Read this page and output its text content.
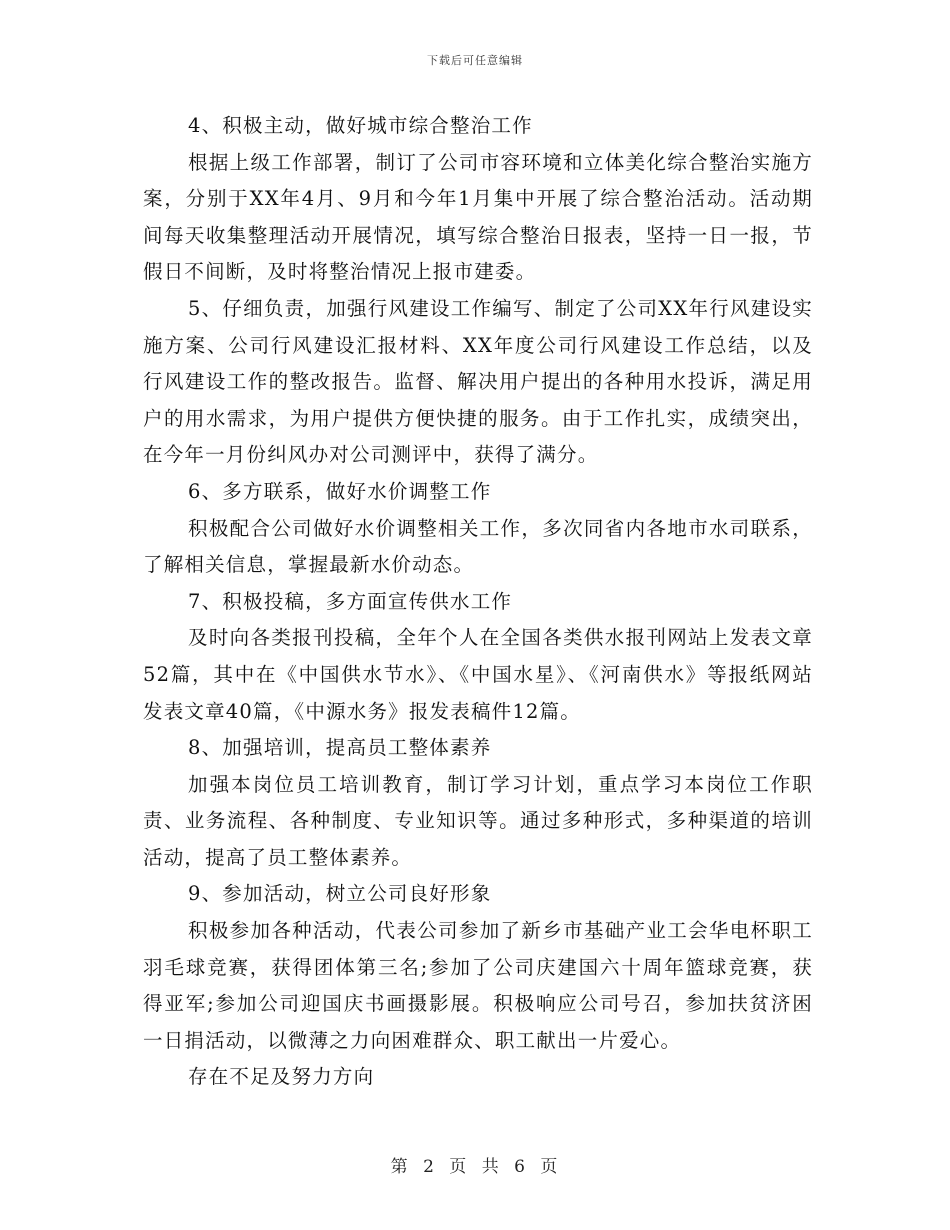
下载后可任意编辑

4、积极主动，做好城市综合整治工作

根据上级工作部署，制订了公司市容环境和立体美化综合整治实施方案，分别于XX年4月、9月和今年1月集中开展了综合整治活动。活动期间每天收集整理活动开展情况，填写综合整治日报表，坚持一日一报，节假日不间断，及时将整治情况上报市建委。

5、仔细负责，加强行风建设工作编写、制定了公司XX年行风建设实施方案、公司行风建设汇报材料、XX年度公司行风建设工作总结，以及行风建设工作的整改报告。监督、解决用户提出的各种用水投诉，满足用户的用水需求，为用户提供方便快捷的服务。由于工作扎实，成绩突出，在今年一月份纠风办对公司测评中，获得了满分。

6、多方联系，做好水价调整工作

积极配合公司做好水价调整相关工作，多次同省内各地市水司联系，了解相关信息，掌握最新水价动态。

7、积极投稿，多方面宣传供水工作

及时向各类报刊投稿，全年个人在全国各类供水报刊网站上发表文章52篇，其中在《中国供水节水》、《中国水星》、《河南供水》等报纸网站发表文章40篇，《中源水务》报发表稿件12篇。

8、加强培训，提高员工整体素养

加强本岗位员工培训教育，制订学习计划，重点学习本岗位工作职责、业务流程、各种制度、专业知识等。通过多种形式，多种渠道的培训活动，提高了员工整体素养。

9、参加活动，树立公司良好形象

积极参加各种活动，代表公司参加了新乡市基础产业工会华电杯职工羽毛球竞赛，获得团体第三名;参加了公司庆建国六十周年篮球竞赛，获得亚军;参加公司迎国庆书画摄影展。积极响应公司号召，参加扶贫济困一日捐活动，以微薄之力向困难群众、职工献出一片爱心。

存在不足及努力方向

第 2 页 共 6 页
